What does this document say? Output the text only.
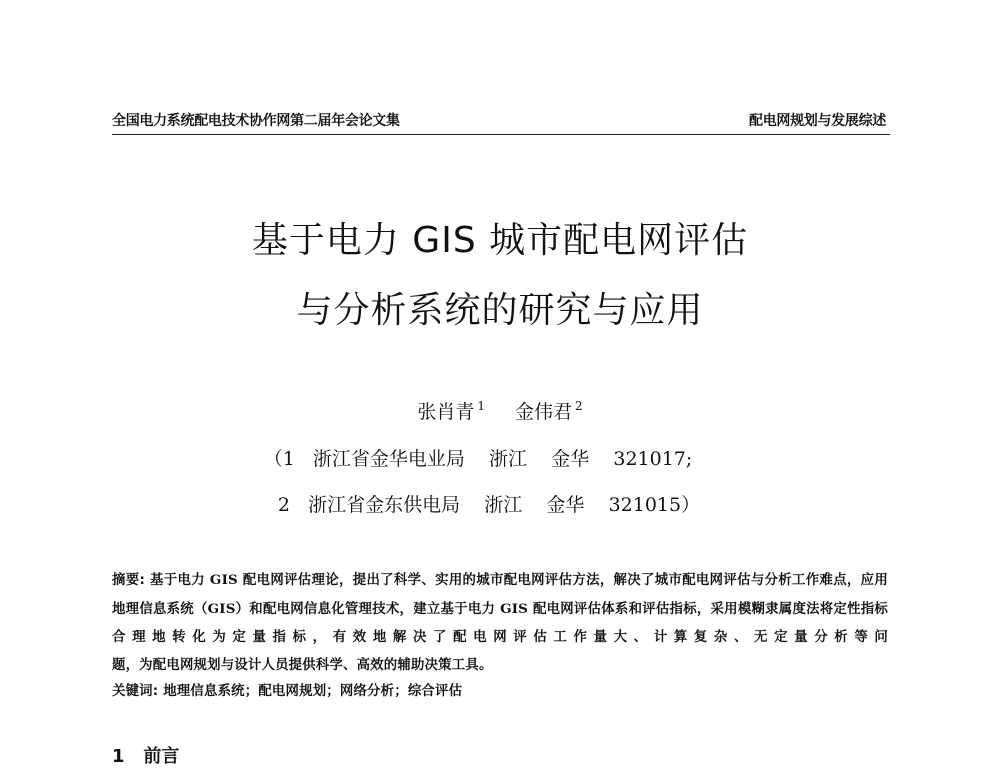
全国电力系统配电技术协作网第二届年会论文集	配电网规划与发展综述
基于电力 GIS 城市配电网评估
与分析系统的研究与应用
张肖青 $^1$ 金伟君 $^2$
（1   浙江省金华电业局    浙江    金华    321017;
2   浙江省金东供电局    浙江    金华    321015）
摘要: 基于电力 GIS 配电网评估理论，提出了科学、实用的城市配电网评估方法，解决了城市配电网评估与分析工作难点，应用地理信息系统（GIS）和配电网信息化管理技术，建立基于电力 GIS 配电网评估体系和评估指标，采用模糊隶属度法将定性指标合理地转化为定量指标，有效地解决了配电网评估工作量大、计算复杂、无定量分析等问
题，为配电网规划与设计人员提供科学、高效的辅助决策工具。
关键词: 地理信息系统；配电网规划；网络分析；综合评估
1 前言
